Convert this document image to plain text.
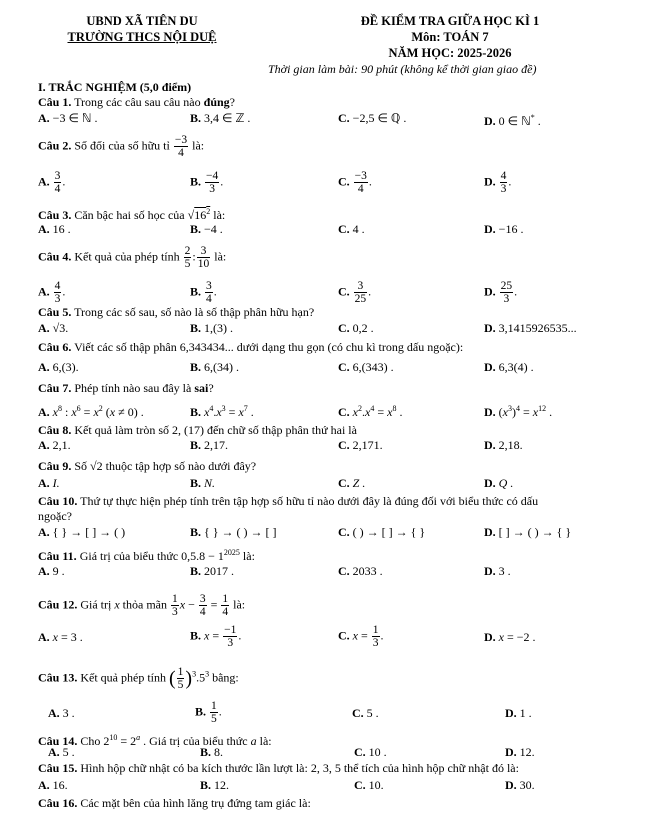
UBND XÃ TIÊN DU
TRƯỜNG THCS NỘI DUỆ
ĐỀ KIỂM TRA GIỮA HỌC KÌ 1
Môn: TOÁN 7
NĂM HỌC: 2025-2026
Thời gian làm bài: 90 phút (không kể thời gian giao đề)
I. TRẮC NGHIỆM (5,0 điểm)
Câu 1. Trong các câu sau câu nào đúng?
A. −3 ∈ ℕ .	B. 3,4 ∈ ℤ .	C. −2,5 ∈ ℚ .	D. 0 ∈ ℕ* .
Câu 2. Số đối của số hữu tỉ $\frac{-3}{4}$ là:
A. $\frac{3}{4}$ .	B. $\frac{-4}{3}$ .	C. $\frac{-3}{4}$ .	D. $\frac{4}{3}$ .
Câu 3. Căn bậc hai số học của $√16^2$ là:
A. 16 .	B. −4 .	C. 4 .	D. −16 .
Câu 4. Kết quả của phép tính $\frac{2}{5}$ : $\frac{3}{10}$ là:
A. $\frac{4}{3}$ .	B. $\frac{3}{4}$ .	C. $\frac{3}{25}$ .	D. $\frac{25}{3}$ .
Câu 5. Trong các số sau, số nào là số thập phân hữu hạn?
A. √3.	B. 1,(3) .	C. 0,2 .	D. 3,1415926535...
Câu 6. Viết các số thập phân 6,343434... dưới dạng thu gọn (có chu kì trong dấu ngoặc):
A. 6,(3).	B. 6,(34) .	C. 6,(343) .	D. 6,3(4) .
Câu 7. Phép tính nào sau đây là sai?
A. $x^8$ : $x^6 = x^2$ (x ≠ 0) .	B. $x^4.x^3 = x^7$ .	C. $x^2.x^4 = x^8$ .	D. $(x^3)^4 = x^{12}$ .
Câu 8. Kết quả làm tròn số 2, (17) đến chữ số thập phân thứ hai là
A. 2,1.	B. 2,17.	C. 2,171.	D. 2,18.
Câu 9. Số √2 thuộc tập hợp số nào dưới đây?
A. I.	B. N.	C. Z .	D. Q .
Câu 10. Thứ tự thực hiện phép tính trên tập hợp số hữu tỉ nào dưới đây là đúng đối với biểu thức có dấu
ngoặc?
A. { } → [ ] → ( )	B. { } → ( ) → [ ]	C. ( ) → [ ] → { }	D. [ ] → ( ) → { }
Câu 11. Giá trị của biểu thức $0,5.8 - 1^{2025}$ là:
A. 9 .	B. 2017 .	C. 2033 .	D. 3 .
Câu 12. Giá trị x thỏa mãn $\frac{1}{3}$ $x - \frac{3}{4} = \frac{1}{4}$ là:
A. x = 3 .	B. $x = \frac{-1}{3}$ .	C. $x = \frac{1}{3}$ .	D. x = −2 .
Câu 13. Kết quả phép tính ( $\frac{1}{5} )^3.5^3$ bằng:
A. 3 .	B. $\frac{1}{5}$ .	C. 5 .	D. 1 .
Câu 14. Cho $2^{10} = 2^a$ . Giá trị của biểu thức a là:
A. 5 .	B. 8.	C. 10 .	D. 12.
Câu 15. Hình hộp chữ nhật có ba kích thước lần lượt là: 2, 3, 5 thể tích của hình hộp chữ nhật đó là:
A. 16.	B. 12.	C. 10.	D. 30.
Câu 16. Các mặt bên của hình lăng trụ đứng tam giác là:
